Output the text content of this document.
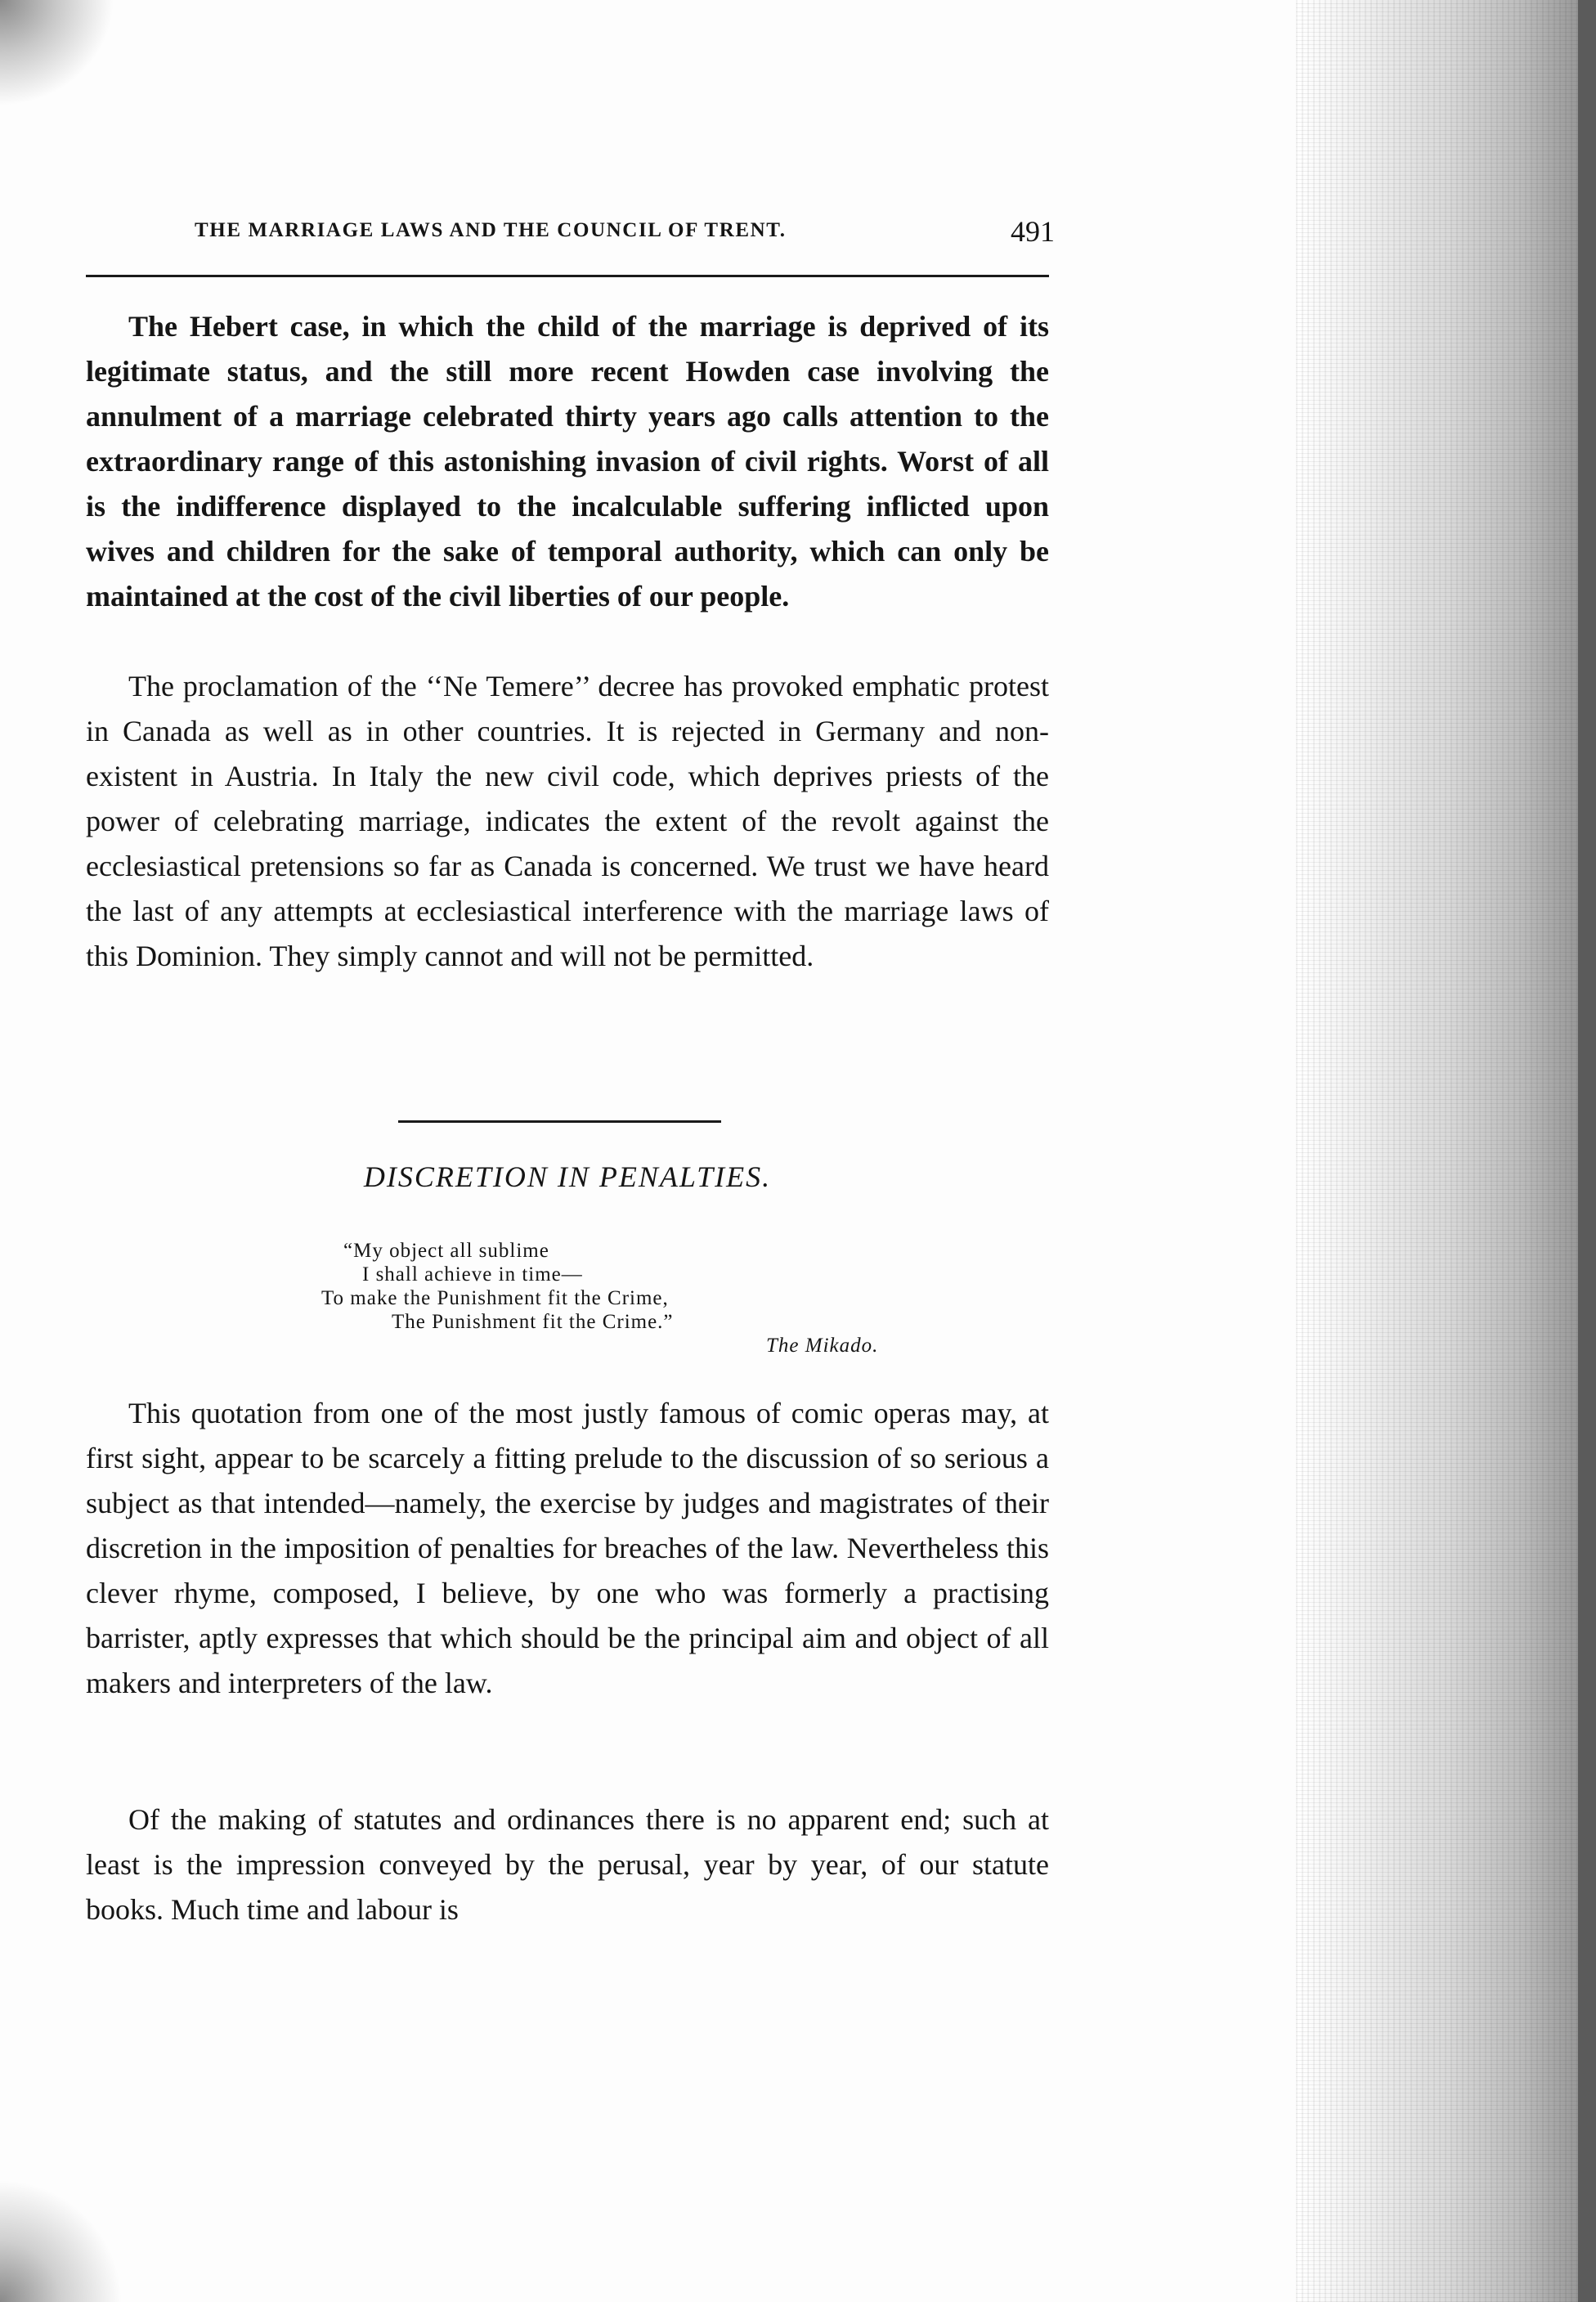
THE MARRIAGE LAWS AND THE COUNCIL OF TRENT.	491

The Hebert case, in which the child of the marriage is deprived of its legitimate status, and the still more recent Howden case involving the annulment of a marriage celebrated thirty years ago calls attention to the extraordinary range of this astonishing invasion of civil rights. Worst of all is the indifference displayed to the incalculable suffering inflicted upon wives and children for the sake of temporal authority, which can only be maintained at the cost of the civil liberties of our people.

The proclamation of the ‘‘Ne Temere’’ decree has provoked emphatic protest in Canada as well as in other countries. It is rejected in Germany and non-existent in Austria. In Italy the new civil code, which deprives priests of the power of celebrating marriage, indicates the extent of the revolt against the ecclesiastical pretensions so far as Canada is concerned. We trust we have heard the last of any attempts at ecclesiastical interference with the marriage laws of this Dominion. They simply cannot and will not be permitted.

DISCRETION IN PENALTIES.
“My object all sublime
I shall achieve in time—
To make the Punishment fit the Crime,
The Punishment fit the Crime.”
The Mikado.

This quotation from one of the most justly famous of comic operas may, at first sight, appear to be scarcely a fitting prelude to the discussion of so serious a subject as that intended—namely, the exercise by judges and magistrates of their discretion in the imposition of penalties for breaches of the law. Nevertheless this clever rhyme, composed, I believe, by one who was formerly a practising barrister, aptly expresses that which should be the principal aim and object of all makers and interpreters of the law.

Of the making of statutes and ordinances there is no apparent end; such at least is the impression conveyed by the perusal, year by year, of our statute books. Much time and labour is
